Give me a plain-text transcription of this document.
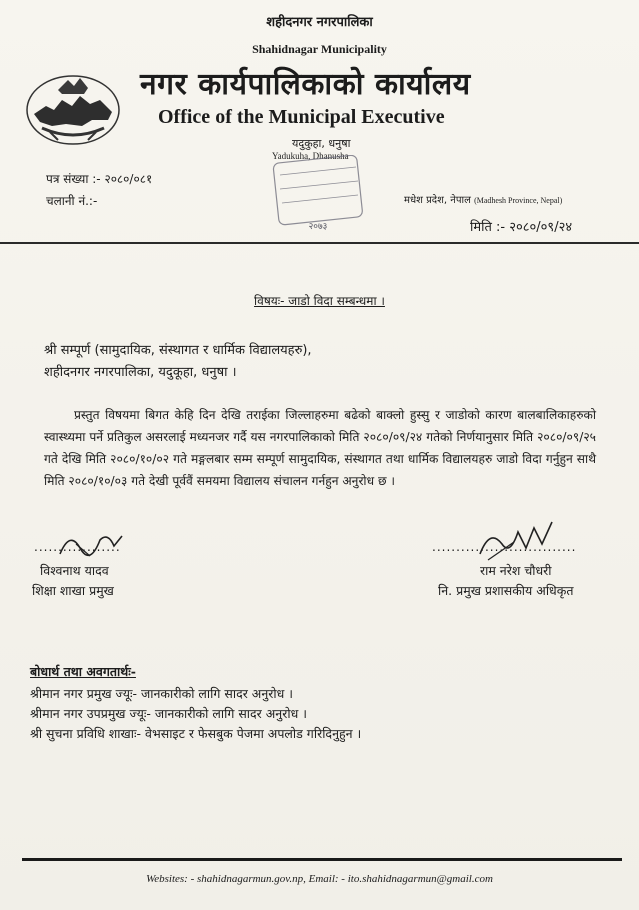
शहीदनगर नगरपालिका
Shahidnagar Municipality
नगर कार्यपालिकाको कार्यालय
Office of the Municipal Executive
यदुकुहा, धनुषा
Yadukuha, Dhanusha
२०७३
पत्र संख्या :- २०८०/०८१
चलानी नं.:-	मधेश प्रदेश, नेपाल (Madhesh Province, Nepal)
मिति :- २०८०/०९/२४
विषयः- जाडो विदा सम्बन्धमा ।
श्री सम्पूर्ण (सामुदायिक, संस्थागत र धार्मिक विद्यालयहरु),
शहीदनगर नगरपालिका, यदुकूहा, धनुषा ।
प्रस्तुत विषयमा बिगत केहि दिन देखि तराईका जिल्लाहरुमा बढेको बाक्लो हुस्सु र जाडोको कारण बालबालिकाहरुको स्वास्थ्यमा पर्ने प्रतिकुल असरलाई मध्यनजर गर्दै यस नगरपालिकाको मिति २०८०/०९/२४ गतेको निर्णयानुसार मिति २०८०/०९/२५ गते देखि मिति २०८०/१०/०२ गते मङ्गलबार सम्म सम्पूर्ण सामुदायिक, संस्थागत तथा धार्मिक विद्यालयहरु जाडो विदा गर्नुहुन साथै मिति २०८०/१०/०३ गते देखी पूर्ववैं समयमा विद्यालय संचालन गर्नहुन अनुरोध छ ।
..................
विश्वनाथ यादव
शिक्षा शाखा प्रमुख
..............................
राम नरेश चौधरी
नि. प्रमुख प्रशासकीय अधिकृत
बोधार्थ तथा अवगतार्थः-
श्रीमान नगर प्रमुख ज्यूः- जानकारीको लागि सादर अनुरोध ।
श्रीमान नगर उपप्रमुख ज्यूः- जानकारीको लागि सादर अनुरोध ।
श्री सुचना प्रविधि शाखाः- वेभसाइट र फेसबुक पेजमा अपलोड गरिदिनुहुन ।
Websites: - shahidnagarmun.gov.np, Email: - ito.shahidnagarmun@gmail.com
